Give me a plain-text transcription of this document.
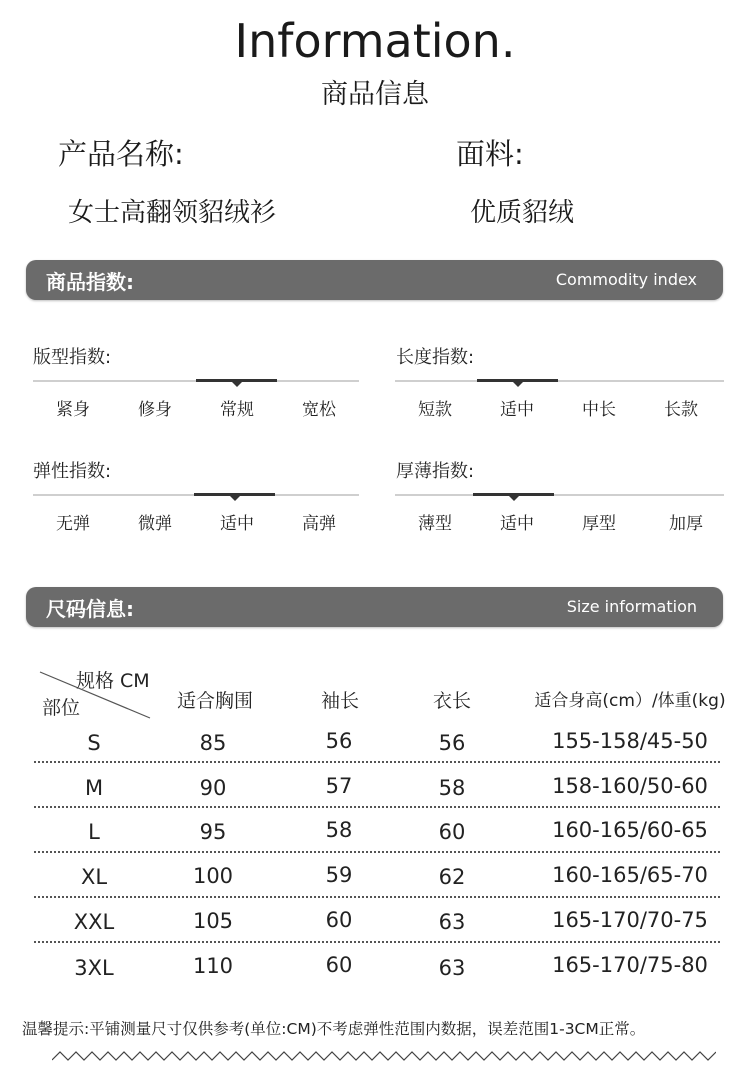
Information.
商品信息
产品名称:
女士高翻领貂绒衫
面料:
优质貂绒
商品指数:	Commodity index
版型指数:
紧身	修身	常规	宽松
长度指数:
短款	适中	中长	长款
弹性指数:
无弹	微弹	适中	高弹
厚薄指数:
薄型	适中	厚型	加厚
尺码信息:	Size information
规格 CM
部位	适合胸围	袖长	衣长	适合身高(cm）/体重(kg)
S	85	56	56	155-158/45-50
M	90	57	58	158-160/50-60
L	95	58	60	160-165/60-65
XL	100	59	62	160-165/65-70
XXL	105	60	63	165-170/70-75
3XL	110	60	63	165-170/75-80
温馨提示:平铺测量尺寸仅供参考(单位:CM)不考虑弹性范围内数据，误差范围1-3CM正常。
